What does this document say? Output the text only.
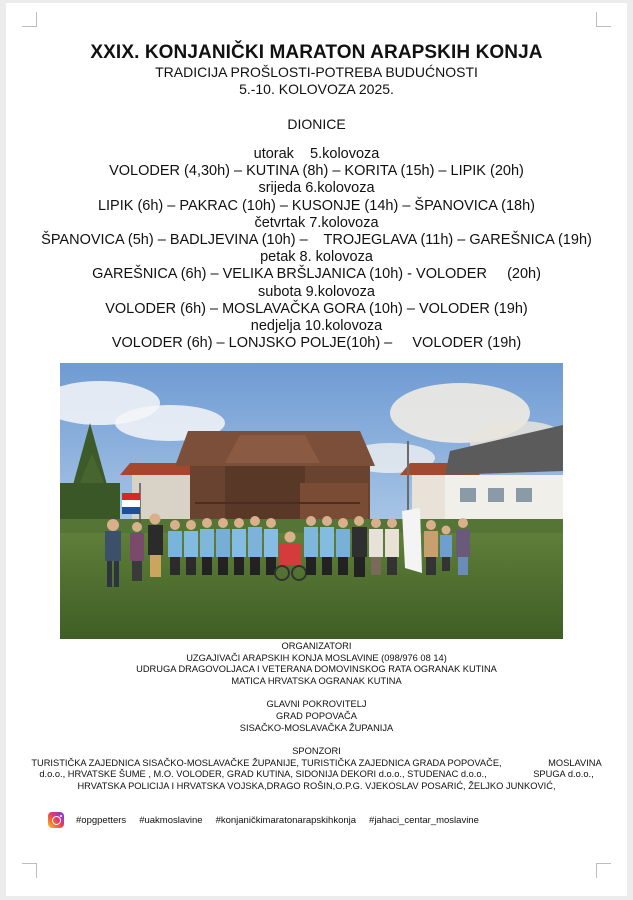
XXIX. KONJANIČKI MARATON ARAPSKIH KONJA
TRADICIJA PROŠLOSTI-POTREBA BUDUĆNOSTI
5.-10. KOLOVOZA 2025.
DIONICE
utorak    5.kolovoza
VOLODER (4,30h) – KUTINA (8h) – KORITA (15h) – LIPIK (20h)
srijeda 6.kolovoza
LIPIK (6h) – PAKRAC (10h) – KUSONJE (14h) – ŠPANOVICA (18h)
četvrtak 7.kolovoza
ŠPANOVICA (5h) – BADLJEVINA (10h) –    TROJEGLAVA (11h) – GAREŠNICA (19h)
petak 8. kolovoza
GAREŠNICA (6h) – VELIKA BRŠLJANICA (10h) - VOLODER     (20h)
subota 9.kolovoza
VOLODER (6h) – MOSLAVAČKA GORA (10h) – VOLODER (19h)
nedjelja 10.kolovoza
VOLODER (6h) – LONJSKO POLJE(10h) –     VOLODER (19h)
ORGANIZATORI
UZGAJIVAČI ARAPSKIH KONJA MOSLAVINE (098/976 08 14)
UDRUGA DRAGOVOLJACA I VETERANA DOMOVINSKOG RATA OGRANAK KUTINA
MATICA HRVATSKA OGRANAK KUTINA
GLAVNI POKROVITELJ
GRAD POPOVAČA
SISAČKO-MOSLAVAČKA ŽUPANIJA
SPONZORI
TURISTIČKA ZAJEDNICA SISAČKO-MOSLAVAČKE ŽUPANIJE, TURISTIČKA ZAJEDNICA GRADA POPOVAČE,                  MOSLAVINA
d.o.o., HRVATSKE ŠUME , M.O. VOLODER, GRAD KUTINA, SIDONIJA DEKORI d.o.o., STUDENAC d.o.o.,                  SPUGA d.o.o.,
HRVATSKA POLICIJA I HRVATSKA VOJSKA,DRAGO ROŠIN,O.P.G. VJEKOSLAV POSARIĆ, ŽELJKO JUNKOVIĆ,
#opgpetters #uakmoslavine #konjaničkimaratonarapskihkonja #jahaci_centar_moslavine
